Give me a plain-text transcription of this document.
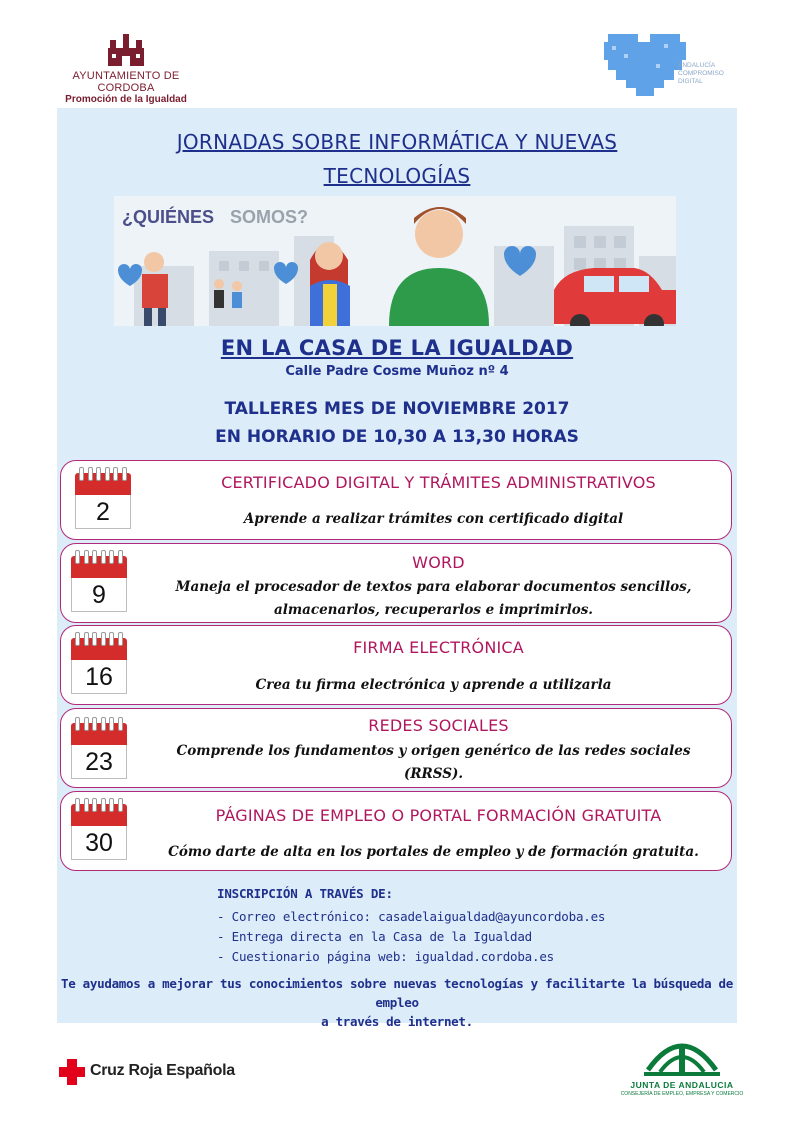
AYUNTAMIENTO DE CORDOBA
Promoción de la Igualdad
ANDALUCÍA
COMPROMISO
DIGITAL
JORNADAS SOBRE INFORMÁTICA Y NUEVAS
TECNOLOGÍAS
¿QUIÉNES SOMOS?
EN LA CASA DE LA IGUALDAD
Calle Padre Cosme Muñoz nº 4
TALLERES MES DE NOVIEMBRE 2017
EN HORARIO DE 10,30 A 13,30 HORAS
2
CERTIFICADO DIGITAL Y TRÁMITES ADMINISTRATIVOS
Aprende a realizar trámites con certificado digital
9
WORD
Maneja el procesador de textos para elaborar documentos sencillos,
almacenarlos, recuperarlos e imprimirlos.
16
FIRMA ELECTRÓNICA
Crea tu firma electrónica y aprende a utilizarla
23
REDES SOCIALES
Comprende los fundamentos y origen genérico de las redes sociales
(RRSS).
30
PÁGINAS DE EMPLEO O PORTAL FORMACIÓN GRATUITA
Cómo darte de alta en los portales de empleo y de formación gratuita.
INSCRIPCIÓN A TRAVÉS DE:
- Correo electrónico: casadelaigualdad@ayuncordoba.es
- Entrega directa en la Casa de la Igualdad
- Cuestionario página web: igualdad.cordoba.es
Te ayudamos a mejorar tus conocimientos sobre nuevas tecnologías y facilitarte la búsqueda de empleo
a través de internet.
Cruz Roja Española
JUNTA DE ANDALUCIA
CONSEJERÍA DE EMPLEO, EMPRESA Y COMERCIO
